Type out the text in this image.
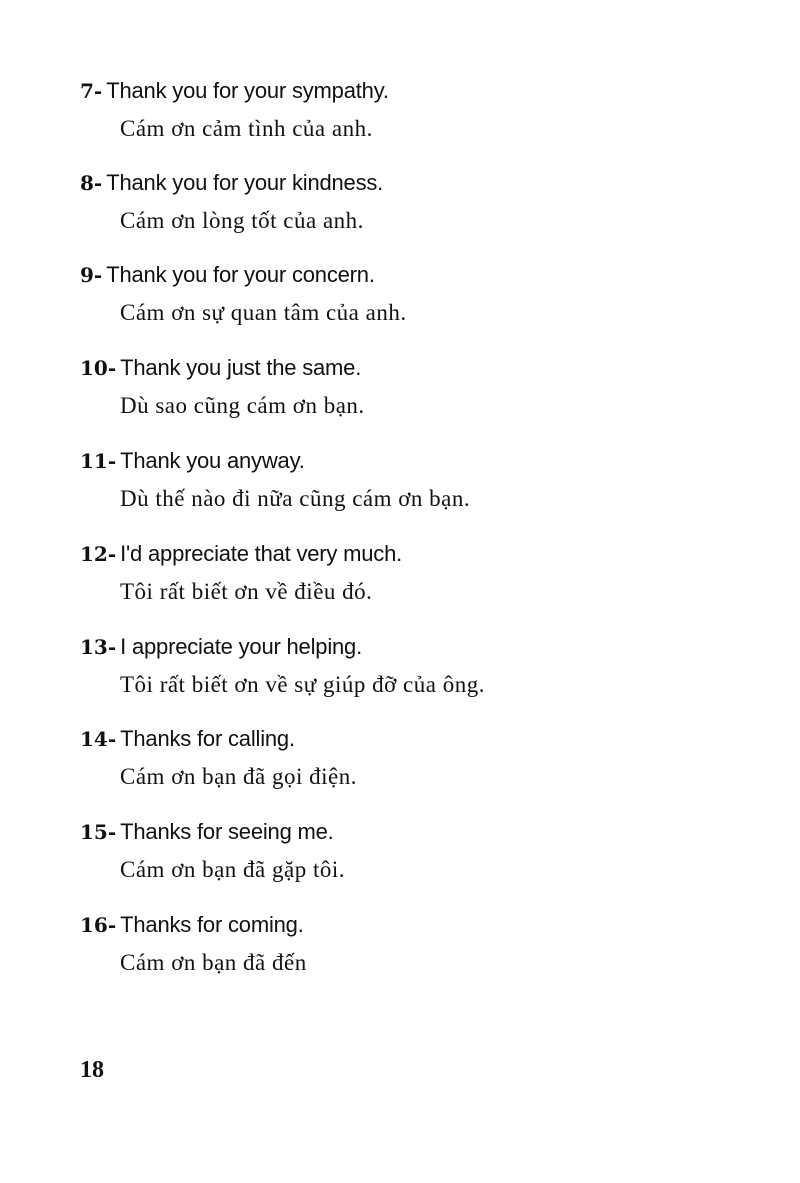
7- Thank you for your sympathy.
Cám ơn cảm tình của anh.
8- Thank you for your kindness.
Cám ơn lòng tốt của anh.
9- Thank you for your concern.
Cám ơn sự quan tâm của anh.
10- Thank you just the same.
Dù sao cũng cám ơn bạn.
11- Thank you anyway.
Dù thế nào đi nữa cũng cám ơn bạn.
12- I'd appreciate that very much.
Tôi rất biết ơn về điều đó.
13- I appreciate your helping.
Tôi rất biết ơn về sự giúp đỡ của ông.
14- Thanks for calling.
Cám ơn bạn đã gọi điện.
15- Thanks for seeing me.
Cám ơn bạn đã gặp tôi.
16- Thanks for coming.
Cám ơn bạn đã đến
18
